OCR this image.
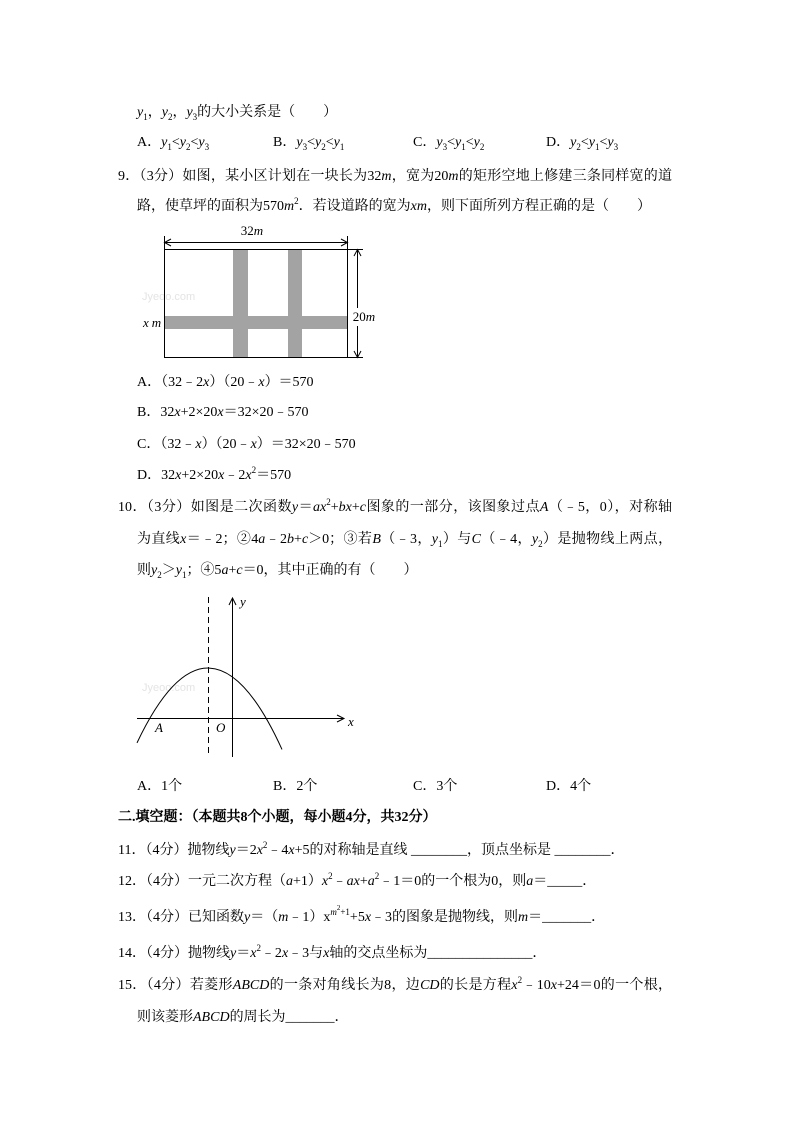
$y_1$，$y_2$，$y_3$的大小关系是（　　）
A．$y_1<y_2<y_3$	B．$y_3<y_2<y_1$	C．$y_3<y_1<y_2$	D．$y_2<y_1<y_3$
9．（3分）如图，某小区计划在一块长为32m，宽为20m的矩形空地上修建三条同样宽的道
路，使草坪的面积为$570m^2$．若设道路的宽为xm，则下面所列方程正确的是（　　）
Jyeoo.com
32m
20m
x m
A．（32﹣2x）（20﹣x）＝570
B．32x+2×20x＝32×20﹣570
C．（32﹣x）（20﹣x）＝32×20﹣570
D．$32x+2\times 20x﹣2x^2=570$
10．（3分）如图是二次函数$y=ax^2+bx+c$图象的一部分，该图象过点A（﹣5，0），对称轴
为直线x＝﹣2；②4a﹣2b+c＞0；③若B（﹣3，$y_1$）与C（﹣4，$y_2$）是抛物线上两点，
则$y_2>y_1$；④5a+c＝0，其中正确的有（　　）
Jyeoo.com
y
x
O
A
A．1个	B．2个	C．3个	D．4个
二.填空题：（本题共8个小题，每小题4分，共32分）
11．（4分）抛物线$y=2x^2﹣4x+5$的对称轴是直线 ________，顶点坐标是 ________．
12．（4分）一元二次方程$(a+1)x^2﹣ax+a^2﹣1=0$的一个根为0，则a＝_____．
13．（4分）已知函数$y=(m﹣1)x^{m2+1}+5x﹣3$的图象是抛物线，则m＝_______．
14．（4分）抛物线$y=x^2﹣2x﹣3$与x轴的交点坐标为_______________．
15．（4分）若菱形ABCD的一条对角线长为8，边CD的长是方程$x^2﹣10x+24=0$的一个根，
则该菱形ABCD的周长为_______．
